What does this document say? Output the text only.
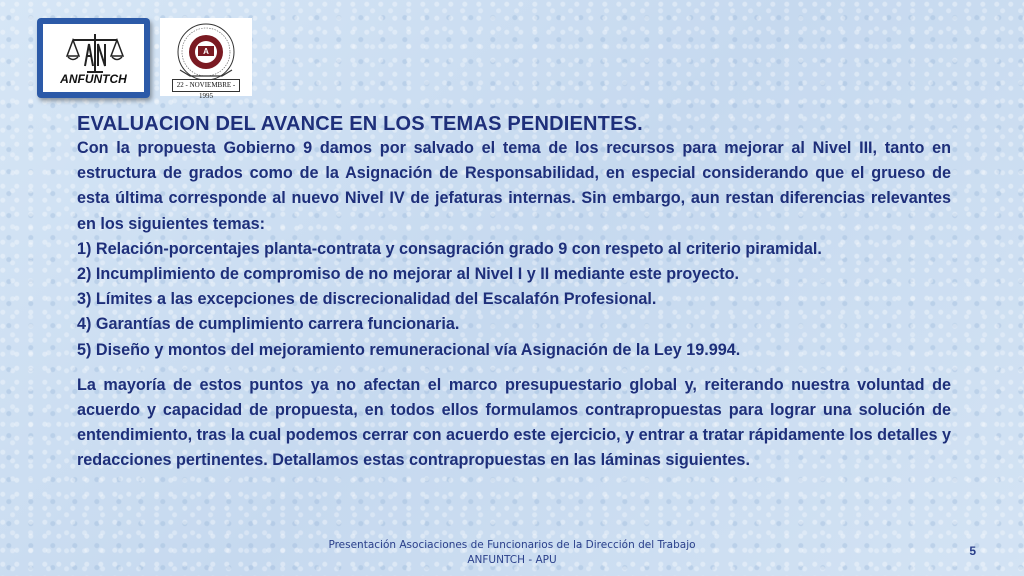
ANFUNTCH
A
22 - NOVIEMBRE - 1995
EVALUACION DEL AVANCE EN LOS TEMAS PENDIENTES.

Con la propuesta Gobierno 9 damos por salvado el tema de los recursos para mejorar al Nivel III, tanto en estructura de grados como de la Asignación de Responsabilidad, en especial considerando que el grueso de esta última corresponde al nuevo Nivel IV de jefaturas internas. Sin embargo, aun restan diferencias relevantes en los siguientes temas:

1) Relación-porcentajes planta-contrata y consagración grado 9 con respeto al criterio piramidal.
2) Incumplimiento de compromiso de no mejorar al Nivel I y II mediante este proyecto.
3) Límites a las excepciones de discrecionalidad del Escalafón Profesional.
4) Garantías de cumplimiento carrera funcionaria.
5) Diseño y montos del mejoramiento remuneracional vía Asignación de la Ley 19.994.

La mayoría de estos puntos ya no afectan el marco presupuestario global y, reiterando nuestra voluntad de acuerdo y capacidad de propuesta, en todos ellos formulamos contrapropuestas para lograr una solución de entendimiento, tras la cual podemos cerrar con acuerdo este ejercicio, y entrar a tratar rápidamente los detalles y redacciones pertinentes. Detallamos estas contrapropuestas en las láminas siguientes.

Presentación Asociaciones de Funcionarios de la Dirección del Trabajo
ANFUNTCH - APU
5
